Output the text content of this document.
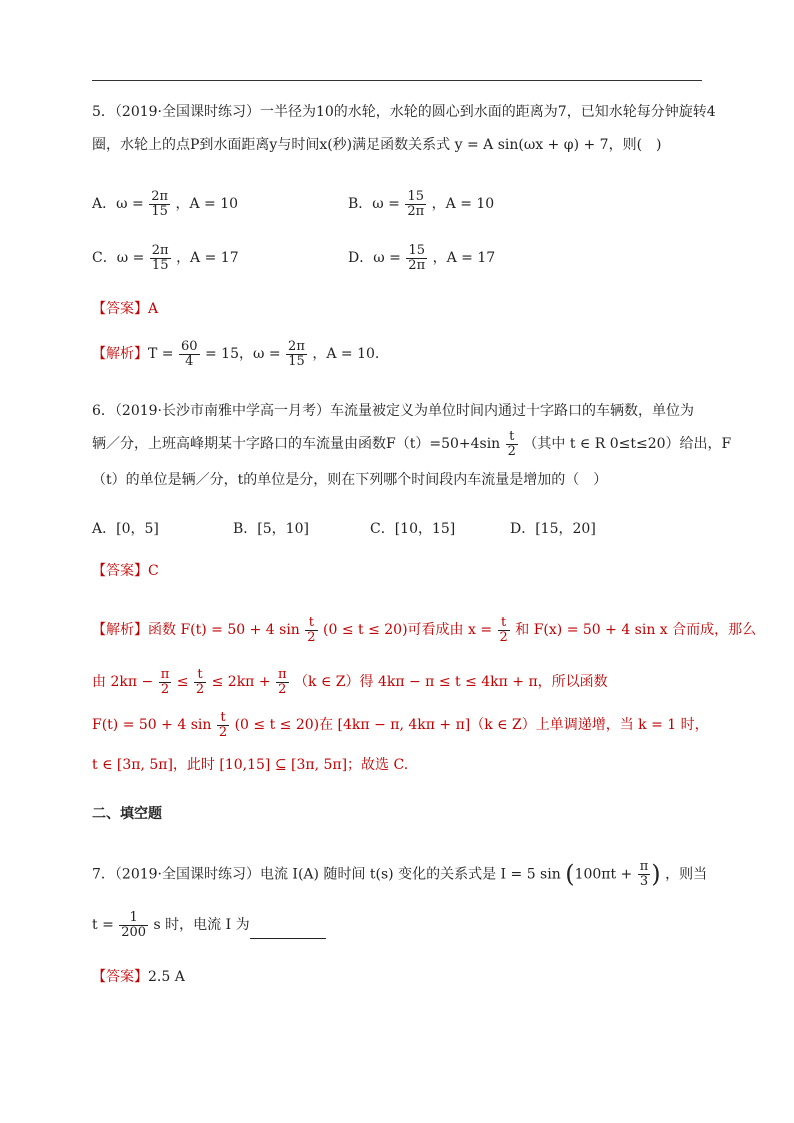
5．（2019·全国课时练习）一半径为10的水轮，水轮的圆心到水面的距离为7，已知水轮每分钟旋转4
圈，水轮上的点P到水面距离y与时间x(秒)满足函数关系式 y = A sin(ωx + φ) + 7，则(　)
A．$\omega = \frac{2\pi}{15}$ ，A = 10	B．$\omega = \frac{15}{2\pi}$ ，A = 10
C．$\omega = \frac{2\pi}{15}$ ，A = 17	D．$\omega = \frac{15}{2\pi}$ ，A = 17
【答案】A
【解析】$T = \frac{60}{4} = 15$，$\omega = \frac{2\pi}{15}$ ，A = 10.
6．（2019·长沙市南雅中学高一月考）车流量被定义为单位时间内通过十字路口的车辆数，单位为
辆／分，上班高峰期某十字路口的车流量由函数$F(t)=50+4\sin \frac{t}{2}$ （其中 t ∈ R 0≤t≤20）给出，F
（t）的单位是辆／分，t的单位是分，则在下列哪个时间段内车流量是增加的（　）
A．[0，5]	B．[5，10]	C．[10，15]	D．[15，20]
【答案】C
【解析】函数 F(t) = 50 + 4 $\sin \frac{t}{2} (0 \le t \le 20)$可看成由 $x = \frac{t}{2}$ 和 F(x) = 50 + 4 sin x 合而成，那么
由 $2k\pi - \frac{\pi}{2} \le \frac{t}{2} \le 2k\pi + \frac{\pi}{2} (k$ ∈ Z）得 4kπ − π ≤ t ≤ 4kπ + π，所以函数
F(t) = 50 + 4 $\sin \frac{t}{2} (0 \le t \le 20)$在 [4kπ − π, 4kπ + π]（k ∈ Z）上单调递增，当 k = 1 时，
t ∈ [3π, 5π]，此时 [10,15] ⊆ [3π, 5π]；故选 C.
二、填空题
7．（2019·全国课时练习）电流 I(A) 随时间 t(s) 变化的关系式是 I = 5 $\sin (100\pi t + \frac{\pi}{3}$ ) ，则当
$t = \frac{1}{200}$ s 时，电流 I 为
【答案】2.5 A
